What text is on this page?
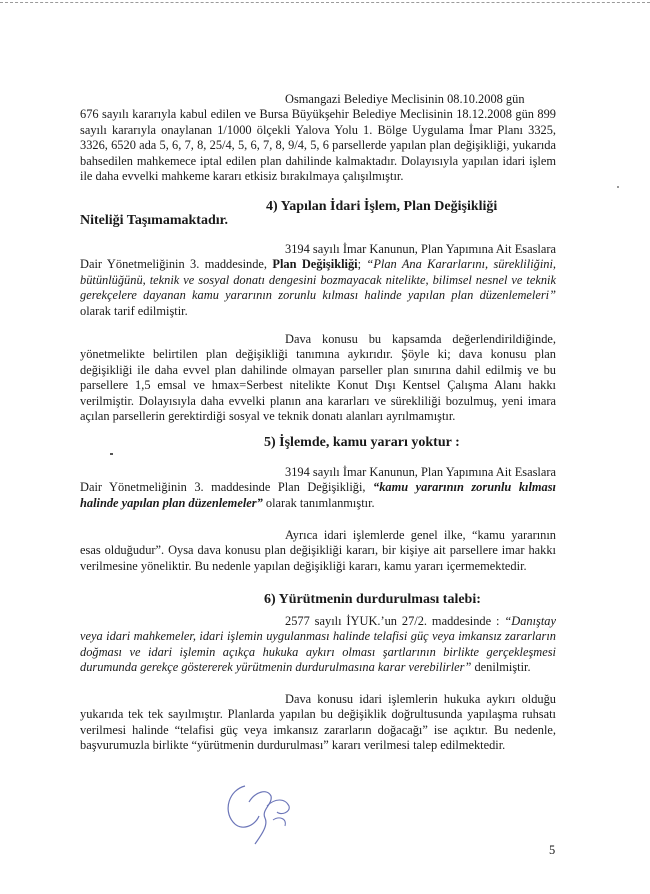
Osmangazi Belediye Meclisinin 08.10.2008 gün
676 sayılı kararıyla kabul edilen ve Bursa Büyükşehir Belediye Meclisinin 18.12.2008 gün 899 sayılı kararıyla onaylanan 1/1000 ölçekli Yalova Yolu 1. Bölge Uygulama İmar Planı 3325, 3326, 6520 ada 5, 6, 7, 8, 25/4, 5, 6, 7, 8, 9/4, 5, 6 parsellerde yapılan plan değişikliği, yukarıda bahsedilen mahkemece iptal edilen plan dahilinde kalmaktadır. Dolayısıyla yapılan idari işlem ile daha evvelki mahkeme kararı etkisiz bırakılmaya çalışılmıştır.
4) Yapılan İdari İşlem, Plan Değişikliği
Niteliği Taşımamaktadır.
3194 sayılı İmar Kanunun, Plan Yapımına Ait Esaslara Dair Yönetmeliğinin 3. maddesinde, Plan Değişikliği; “Plan Ana Kararlarını, sürekliliğini, bütünlüğünü, teknik ve sosyal donatı dengesini bozmayacak nitelikte, bilimsel nesnel ve teknik gerekçelere dayanan kamu yararının zorunlu kılması halinde yapılan plan düzenlemeleri” olarak tarif edilmiştir.
Dava konusu bu kapsamda değerlendirildiğinde, yönetmelikte belirtilen plan değişikliği tanımına aykırıdır. Şöyle ki; dava konusu plan değişikliği ile daha evvel plan dahilinde olmayan parseller plan sınırına dahil edilmiş ve bu parsellere 1,5 emsal ve hmax=Serbest nitelikte Konut Dışı Kentsel Çalışma Alanı hakkı verilmiştir. Dolayısıyla daha evvelki planın ana kararları ve sürekliliği bozulmuş, yeni imara açılan parsellerin gerektirdiği sosyal ve teknik donatı alanları ayrılmamıştır.
5) İşlemde, kamu yararı yoktur :
3194 sayılı İmar Kanunun, Plan Yapımına Ait Esaslara Dair Yönetmeliğinin 3. maddesinde Plan Değişikliği, “kamu yararının zorunlu kılması halinde yapılan plan düzenlemeler” olarak tanımlanmıştır.
Ayrıca idari işlemlerde genel ilke, “kamu yararının esas olduğudur”. Oysa dava konusu plan değişikliği kararı, bir kişiye ait parsellere imar hakkı verilmesine yöneliktir. Bu nedenle yapılan değişikliği kararı, kamu yararı içermemektedir.
6) Yürütmenin durdurulması talebi:
2577 sayılı İYUK.’un 27/2. maddesinde : “Danıştay veya idari mahkemeler, idari işlemin uygulanması halinde telafisi güç veya imkansız zararların doğması ve idari işlemin açıkça hukuka aykırı olması şartlarının birlikte gerçekleşmesi durumunda gerekçe göstererek yürütmenin durdurulmasına karar verebilirler” denilmiştir.
Dava konusu idari işlemlerin hukuka aykırı olduğu yukarıda tek tek sayılmıştır. Planlarda yapılan bu değişiklik doğrultusunda yapılaşma ruhsatı verilmesi halinde “telafisi güç veya imkansız zararların doğacağı” ise açıktır. Bu nedenle, başvurumuzla birlikte “yürütmenin durdurulması” kararı verilmesi talep edilmektedir.
5
